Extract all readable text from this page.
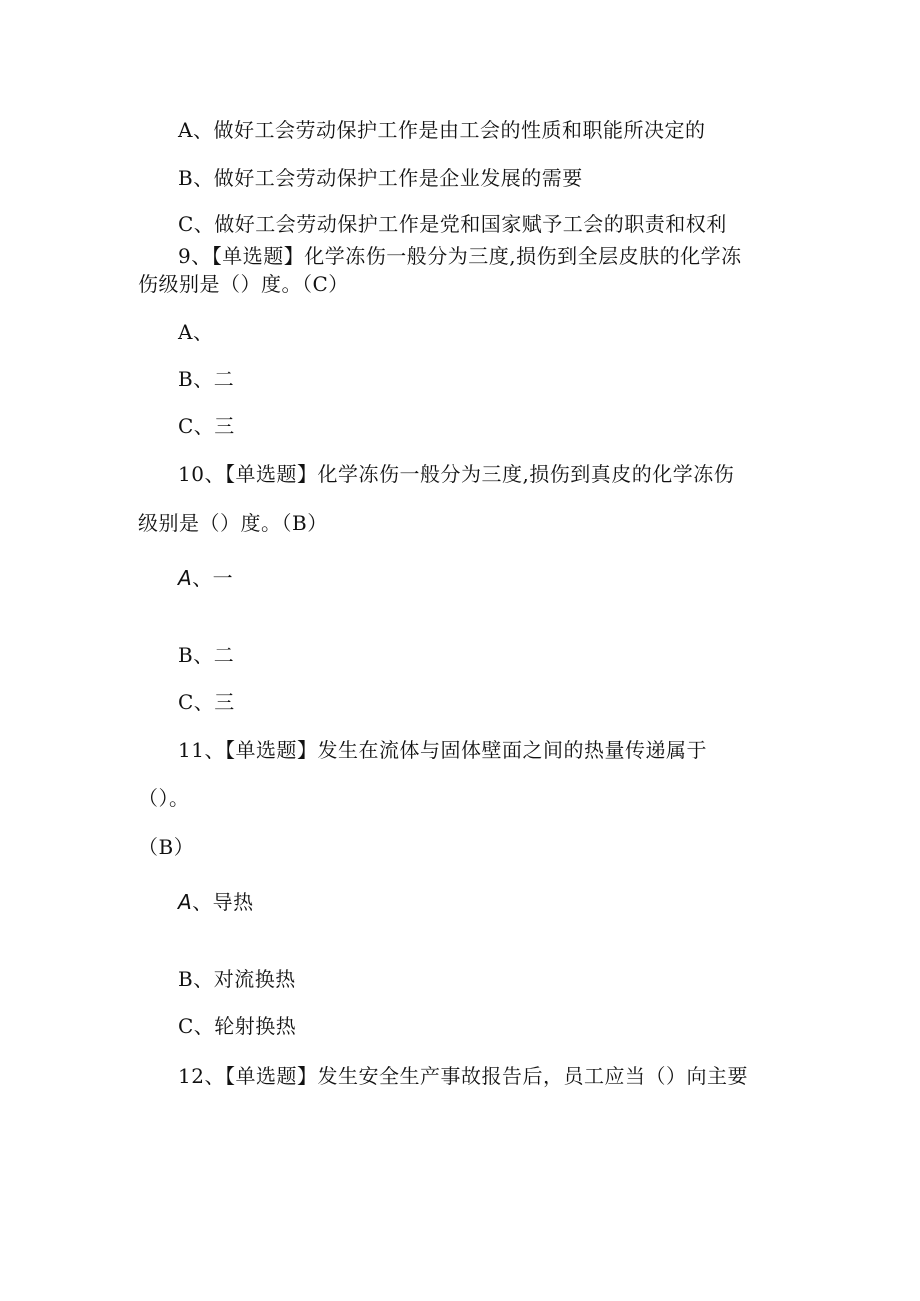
A、做好工会劳动保护工作是由工会的性质和职能所决定的
B、做好工会劳动保护工作是企业发展的需要
C、做好工会劳动保护工作是党和国家赋予工会的职责和权利
9、【单选题】化学冻伤一般分为三度,损伤到全层皮肤的化学冻
伤级别是（）度。（C）
A、
B、二
C、三
10、【单选题】化学冻伤一般分为三度,损伤到真皮的化学冻伤
级别是（）度。（B）
A、一
B、二
C、三
11、【单选题】发生在流体与固体壁面之间的热量传递属于
（）。
（B）
A、导热
B、对流换热
C、轮射换热
12、【单选题】发生安全生产事故报告后，员工应当（）向主要
